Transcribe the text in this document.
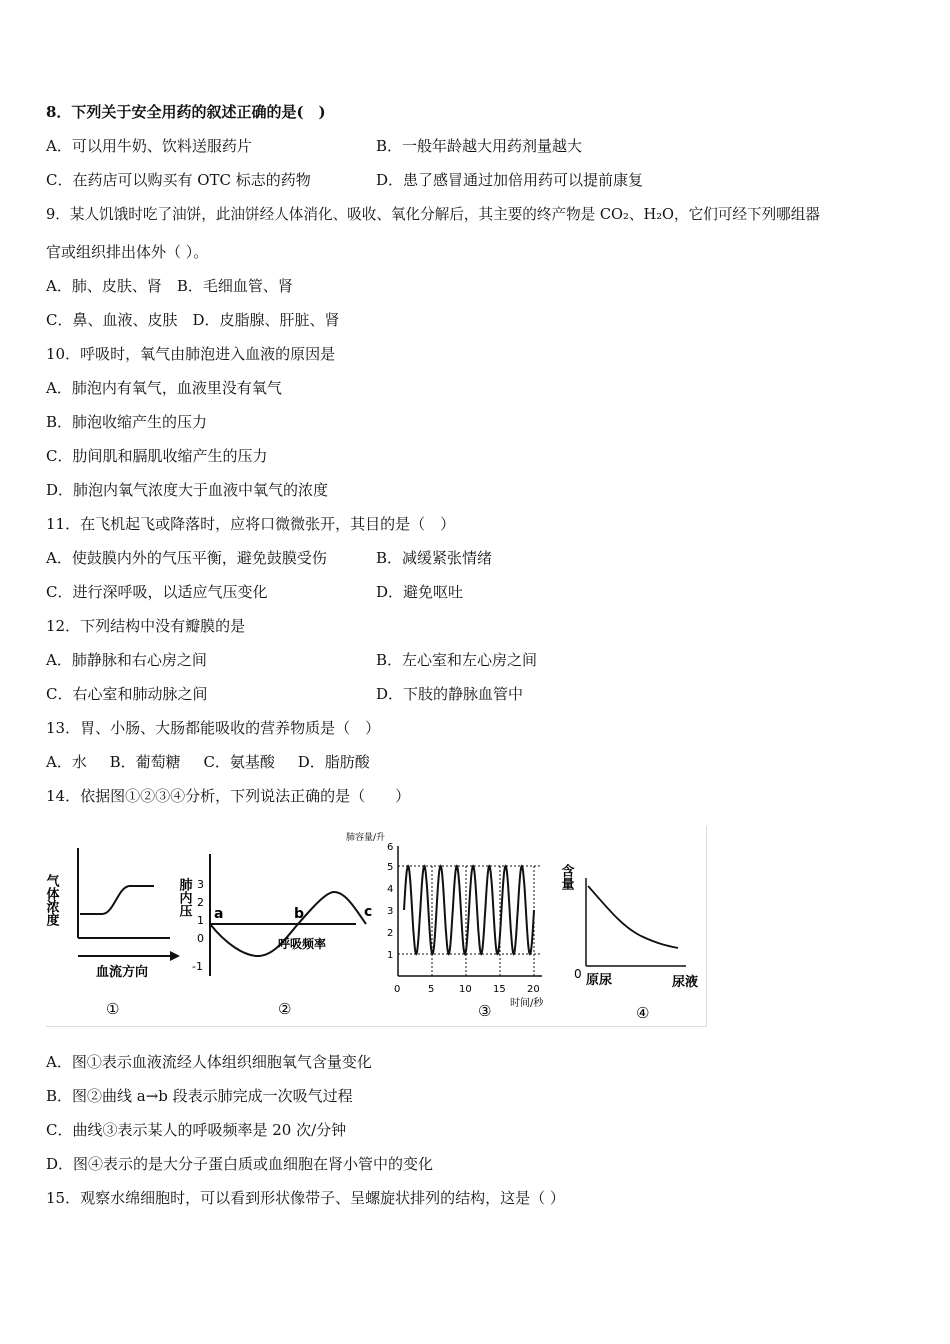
8．下列关于安全用药的叙述正确的是(　)
A．可以用牛奶、饮料送服药片	B．一般年龄越大用药剂量越大
C．在药店可以购买有 OTC 标志的药物	D．患了感冒通过加倍用药可以提前康复
9．某人饥饿时吃了油饼，此油饼经人体消化、吸收、氧化分解后，其主要的终产物是 CO₂、H₂O，它们可经下列哪组器
官或组织排出体外（ ）。
A．肺、皮肤、肾　B．毛细血管、肾
C．鼻、血液、皮肤　D．皮脂腺、肝脏、肾
10．呼吸时，氧气由肺泡进入血液的原因是
A．肺泡内有氧气，血液里没有氧气
B．肺泡收缩产生的压力
C．肋间肌和膈肌收缩产生的压力
D．肺泡内氧气浓度大于血液中氧气的浓度
11．在飞机起飞或降落时，应将口微微张开，其目的是（　）
A．使鼓膜内外的气压平衡，避免鼓膜受伤	B．减缓紧张情绪
C．进行深呼吸，以适应气压变化	D．避免呕吐
12．下列结构中没有瓣膜的是
A．肺静脉和右心房之间	B．左心室和左心房之间
C．右心室和肺动脉之间	D．下肢的静脉血管中
13．胃、小肠、大肠都能吸收的营养物质是（　）
A．水 B．葡萄糖 C．氨基酸 D．脂肪酸
14．依据图①②③④分析，下列说法正确的是（　　）
气体浓度
血流方向
①
肺内压 3
2
1
0
-1
a	b	c
呼吸频率
②
肺容量/升
6
5
4
3
2
1
0	5 10 15 20
时间/秒
③
含量
0 原尿	尿液
④
A．图①表示血液流经人体组织细胞氧气含量变化
B．图②曲线 a→b 段表示肺完成一次吸气过程
C．曲线③表示某人的呼吸频率是 20 次/分钟
D．图④表示的是大分子蛋白质或血细胞在肾小管中的变化
15．观察水绵细胞时，可以看到形状像带子、呈螺旋状排列的结构，这是（ ）
